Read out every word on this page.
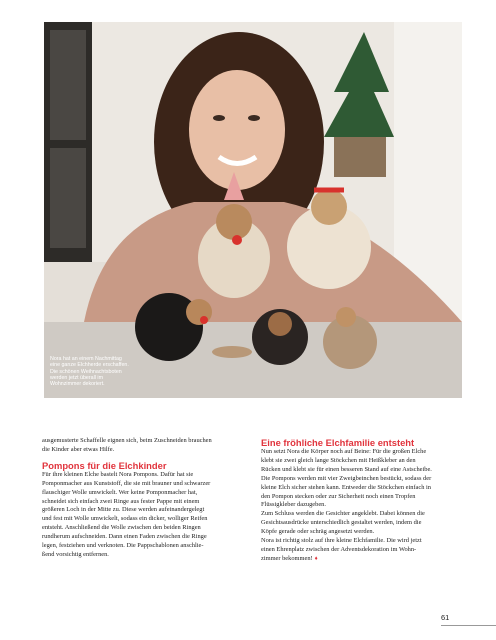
Nora hat an einem Nachmittag
eine ganze Elchherde erschaffen.
Die schönen Weihnachtsboten
werden jetzt überall im
Wohnzimmer dekoriert.
ausgemusterte Schaffelle eignen sich, beim Zuschneiden brauchen
die Kinder aber etwas Hilfe.
Pompons für die Elchkinder
Für ihre kleinen Elche bastelt Nora Pompons. Dafür hat sie
Pomponmacher aus Kunststoff, die sie mit brauner und schwarzer
flauschiger Wolle umwickelt. Wer keine Pomponmacher hat,
schneidet sich einfach zwei Ringe aus fester Pappe mit einem
größeren Loch in der Mitte zu. Diese werden aufeinandergelegt
und fest mit Wolle umwickelt, sodass ein dicker, wolliger Reifen
entsteht. Anschließend die Wolle zwischen den beiden Ringen
rundherum aufschneiden. Dann einen Faden zwischen die Ringe
legen, festziehen und verknoten. Die Pappschablonen anschlie-
ßend vorsichtig entfernen.
Eine fröhliche Elchfamilie entsteht
Nun setzt Nora die Körper noch auf Beine: Für die großen Elche
klebt sie zwei gleich lange Stöckchen mit Heißkleber an den
Rücken und klebt sie für einen besseren Stand auf eine Astscheibe.
Die Pompons werden mit vier Zweigbeinchen bestückt, sodass der
kleine Elch sicher stehen kann. Entweder die Stöckchen einfach in
den Pompon stecken oder zur Sicherheit noch einen Tropfen
Flüssigkleber dazugeben.
Zum Schluss werden die Gesichter angeklebt. Dabei können die
Gesichtsausdrücke unterschiedlich gestaltet werden, indem die
Köpfe gerade oder schräg angesetzt werden.
Nora ist richtig stolz auf ihre kleine Elchfamilie. Die wird jetzt
einen Ehrenplatz zwischen der Adventsdekoration im Wohn-
zimmer bekommen! ♦
61
